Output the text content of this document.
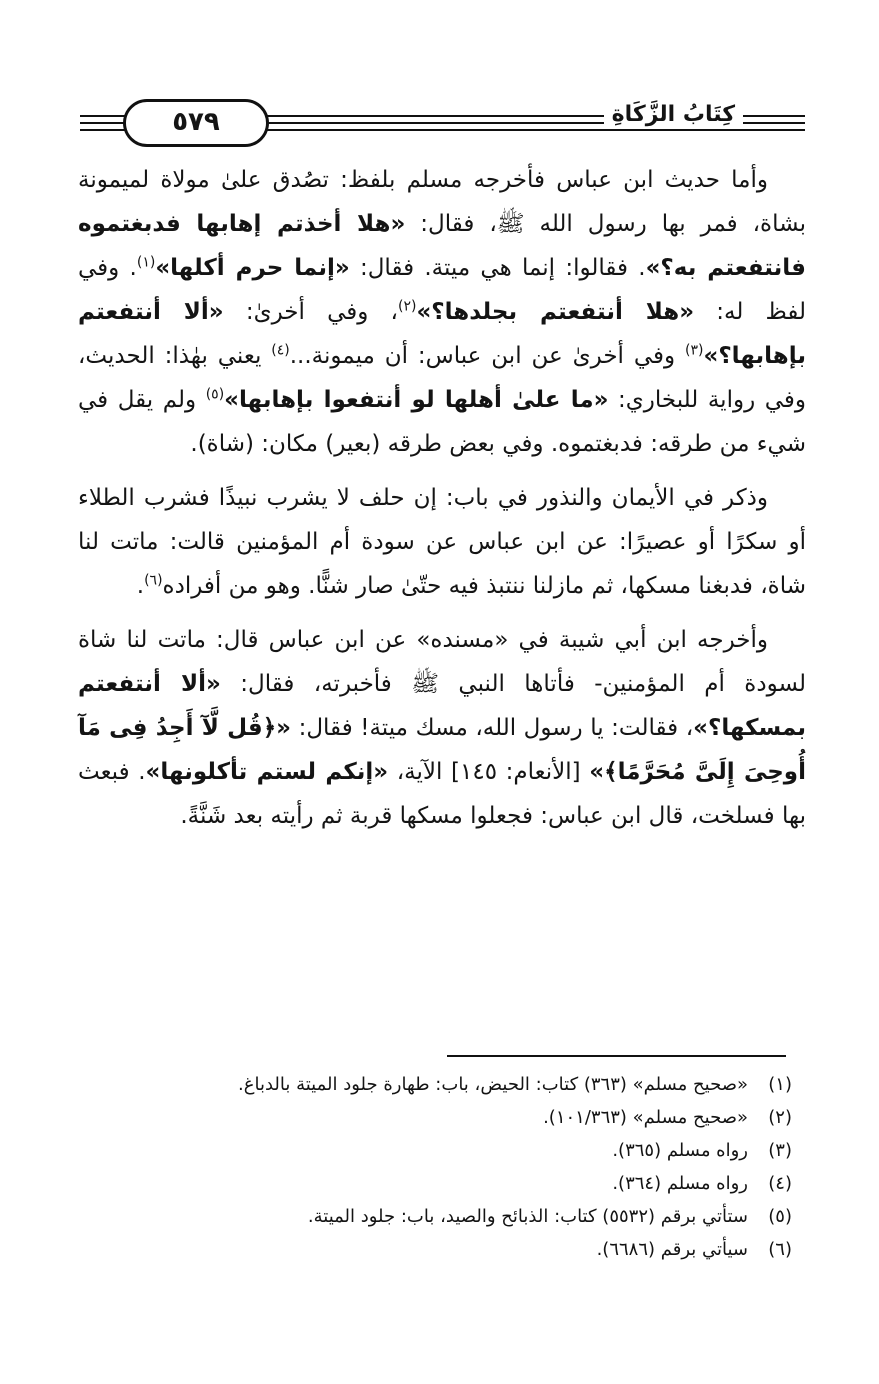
٥٧٩	كِتَابُ الزَّكَاةِ

وأما حديث ابن عباس فأخرجه مسلم بلفظ: تصُدق علىٰ مولاة لميمونة بشاة، فمر بها رسول الله ﷺ، فقال: «هلا أخذتم إهابها فدبغتموه فانتفعتم به؟». فقالوا: إنما هي ميتة. فقال: «إنما حرم أكلها»$^{(١)}$. وفي لفظ له: «هلا أنتفعتم بجلدها؟»$^{(٢)}$، وفي أخرىٰ: «ألا أنتفعتم بإهابها؟»$^{(٣)}$ وفي أخرىٰ عن ابن عباس: أن ميمونة...$^{(٤)}$ يعني بهٰذا: الحديث، وفي رواية للبخاري: «ما علىٰ أهلها لو أنتفعوا بإهابها»$^{(٥)}$ ولم يقل في شيء من طرقه: فدبغتموه. وفي بعض طرقه (بعير) مكان: (شاة).

وذكر في الأيمان والنذور في باب: إن حلف لا يشرب نبيذًا فشرب الطلاء أو سكرًا أو عصيرًا: عن ابن عباس عن سودة أم المؤمنين قالت: ماتت لنا شاة، فدبغنا مسكها، ثم مازلنا ننتبذ فيه حتّىٰ صار شنًّا. وهو من أفراده$^{(٦)}$.

وأخرجه ابن أبي شيبة في «مسنده» عن ابن عباس قال: ماتت لنا شاة لسودة أم المؤمنين- فأتاها النبي ﷺ فأخبرته، فقال: «ألا أنتفعتم بمسكها؟»، فقالت: يا رسول الله، مسك ميتة! فقال: «﴿قُل لَّآ أَجِدُ فِى مَآ أُوحِىَ إِلَىَّ مُحَرَّمًا﴾» [الأنعام: ١٤٥] الآية، «إنكم لستم تأكلونها». فبعث بها فسلخت، قال ابن عباس: فجعلوا مسكها قربة ثم رأيته بعد شَنَّةً.

(١)«صحيح مسلم» (٣٦٣) كتاب: الحيض، باب: طهارة جلود الميتة بالدباغ.
(٢)«صحيح مسلم» (١٠١/٣٦٣).
(٣)رواه مسلم (٣٦٥).
(٤)رواه مسلم (٣٦٤).
(٥)ستأتي برقم (٥٥٣٢) كتاب: الذبائح والصيد، باب: جلود الميتة.
(٦)سيأتي برقم (٦٦٨٦).
